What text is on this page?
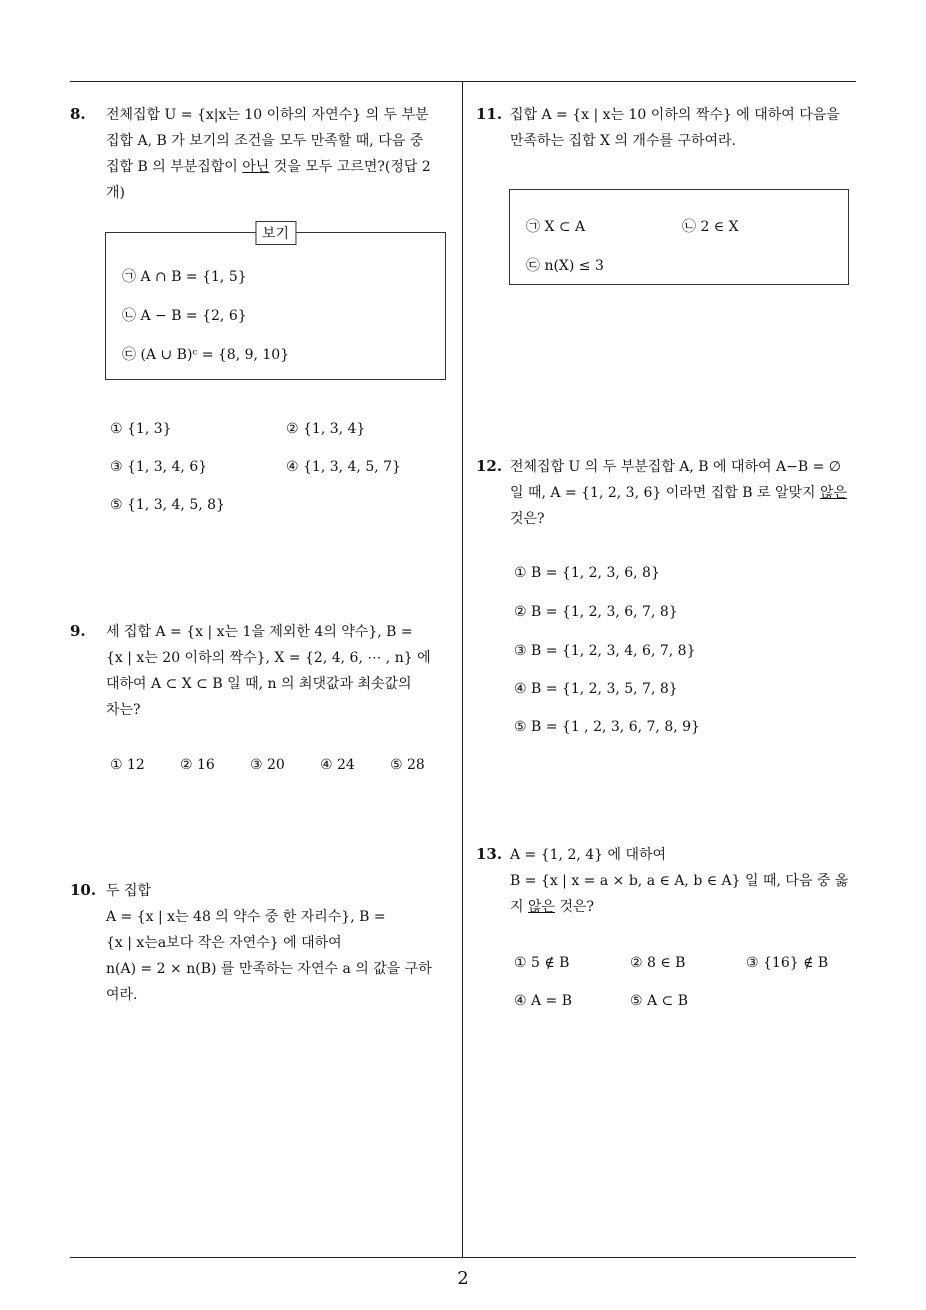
2
8. 전체집합 U = {x|x는 10 이하의 자연수} 의 두 부분

집합 A, B 가 보기의 조건을 모두 만족할 때, 다음 중

집합 B 의 부분집합이 아닌 것을 모두 고르면?(정답 2

개)

보기
㉠ A ∩ B = {1, 5}
㉡ A − B = {2, 6}
㉢ (A ∪ B)ᶜ = {8, 9, 10}
① {1, 3}	② {1, 3, 4}
③ {1, 3, 4, 6}	④ {1, 3, 4, 5, 7}
⑤ {1, 3, 4, 5, 8}
9. 세 집합 A = {x | x는 1을 제외한 4의 약수}, B =

{x | x는 20 이하의 짝수}, X = {2, 4, 6, ⋯ , n} 에

대하여 A ⊂ X ⊂ B 일 때, n 의 최댓값과 최솟값의

차는?

① 12	② 16	③ 20	④ 24	⑤ 28
10. 두 집합

A = {x | x는 48 의 약수 중 한 자리수}, B =

{x | x는a보다 작은 자연수} 에 대하여

n(A) = 2 × n(B) 를 만족하는 자연수 a 의 값을 구하

여라.

11. 집합 A = {x | x는 10 이하의 짝수} 에 대하여 다음을

만족하는 집합 X 의 개수를 구하여라.

㉠ X ⊂ A	㉡ 2 ∈ X
㉢ n(X) ≤ 3
12. 전체집합 U 의 두 부분집합 A, B 에 대하여 A−B = ∅

일 때, A = {1, 2, 3, 6} 이라면 집합 B 로 알맞지 않은

것은?

① B = {1, 2, 3, 6, 8}
② B = {1, 2, 3, 6, 7, 8}
③ B = {1, 2, 3, 4, 6, 7, 8}
④ B = {1, 2, 3, 5, 7, 8}
⑤ B = {1 , 2, 3, 6, 7, 8, 9}
13. A = {1, 2, 4} 에 대하여

B = {x | x = a × b, a ∈ A, b ∈ A} 일 때, 다음 중 옳

지 않은 것은?

① 5 ∉ B	② 8 ∈ B	③ {16} ∉ B
④ A = B	⑤ A ⊂ B
